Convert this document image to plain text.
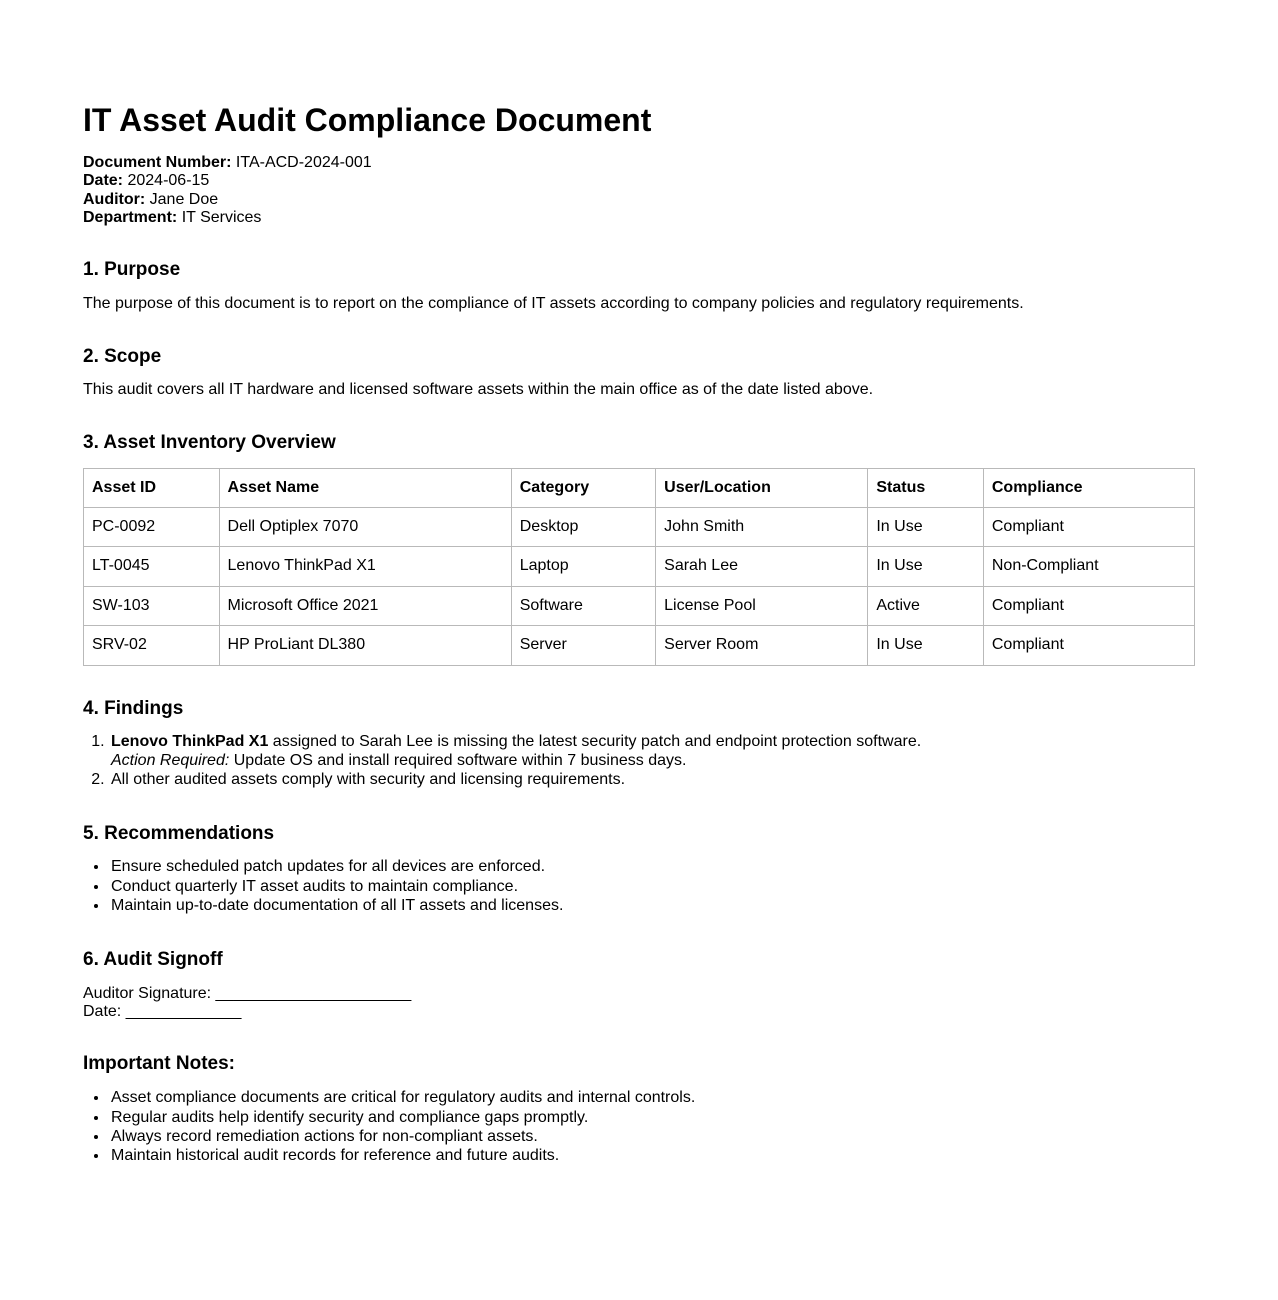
IT Asset Audit Compliance Document

Document Number: ITA-ACD-2024-001
Date: 2024-06-15
Auditor: Jane Doe
Department: IT Services

1. Purpose

The purpose of this document is to report on the compliance of IT assets according to company policies and regulatory requirements.

2. Scope

This audit covers all IT hardware and licensed software assets within the main office as of the date listed above.

3. Asset Inventory Overview
Asset ID	Asset Name	Category	User/Location	Status	Compliance
PC-0092	Dell Optiplex 7070	Desktop	John Smith	In Use	Compliant
LT-0045	Lenovo ThinkPad X1	Laptop	Sarah Lee	In Use	Non-Compliant
SW-103	Microsoft Office 2021	Software	License Pool	Active	Compliant
SRV-02	HP ProLiant DL380	Server	Server Room	In Use	Compliant
4. Findings
1. Lenovo ThinkPad X1 assigned to Sarah Lee is missing the latest security patch and endpoint protection software.
Action Required: Update OS and install required software within 7 business days.
2. All other audited assets comply with security and licensing requirements.
5. Recommendations
• Ensure scheduled patch updates for all devices are enforced.
• Conduct quarterly IT asset audits to maintain compliance.
• Maintain up-to-date documentation of all IT assets and licenses.
6. Audit Signoff

Auditor Signature: ______________________

Date: _____________

Important Notes:
• Asset compliance documents are critical for regulatory audits and internal controls.
• Regular audits help identify security and compliance gaps promptly.
• Always record remediation actions for non-compliant assets.
• Maintain historical audit records for reference and future audits.
